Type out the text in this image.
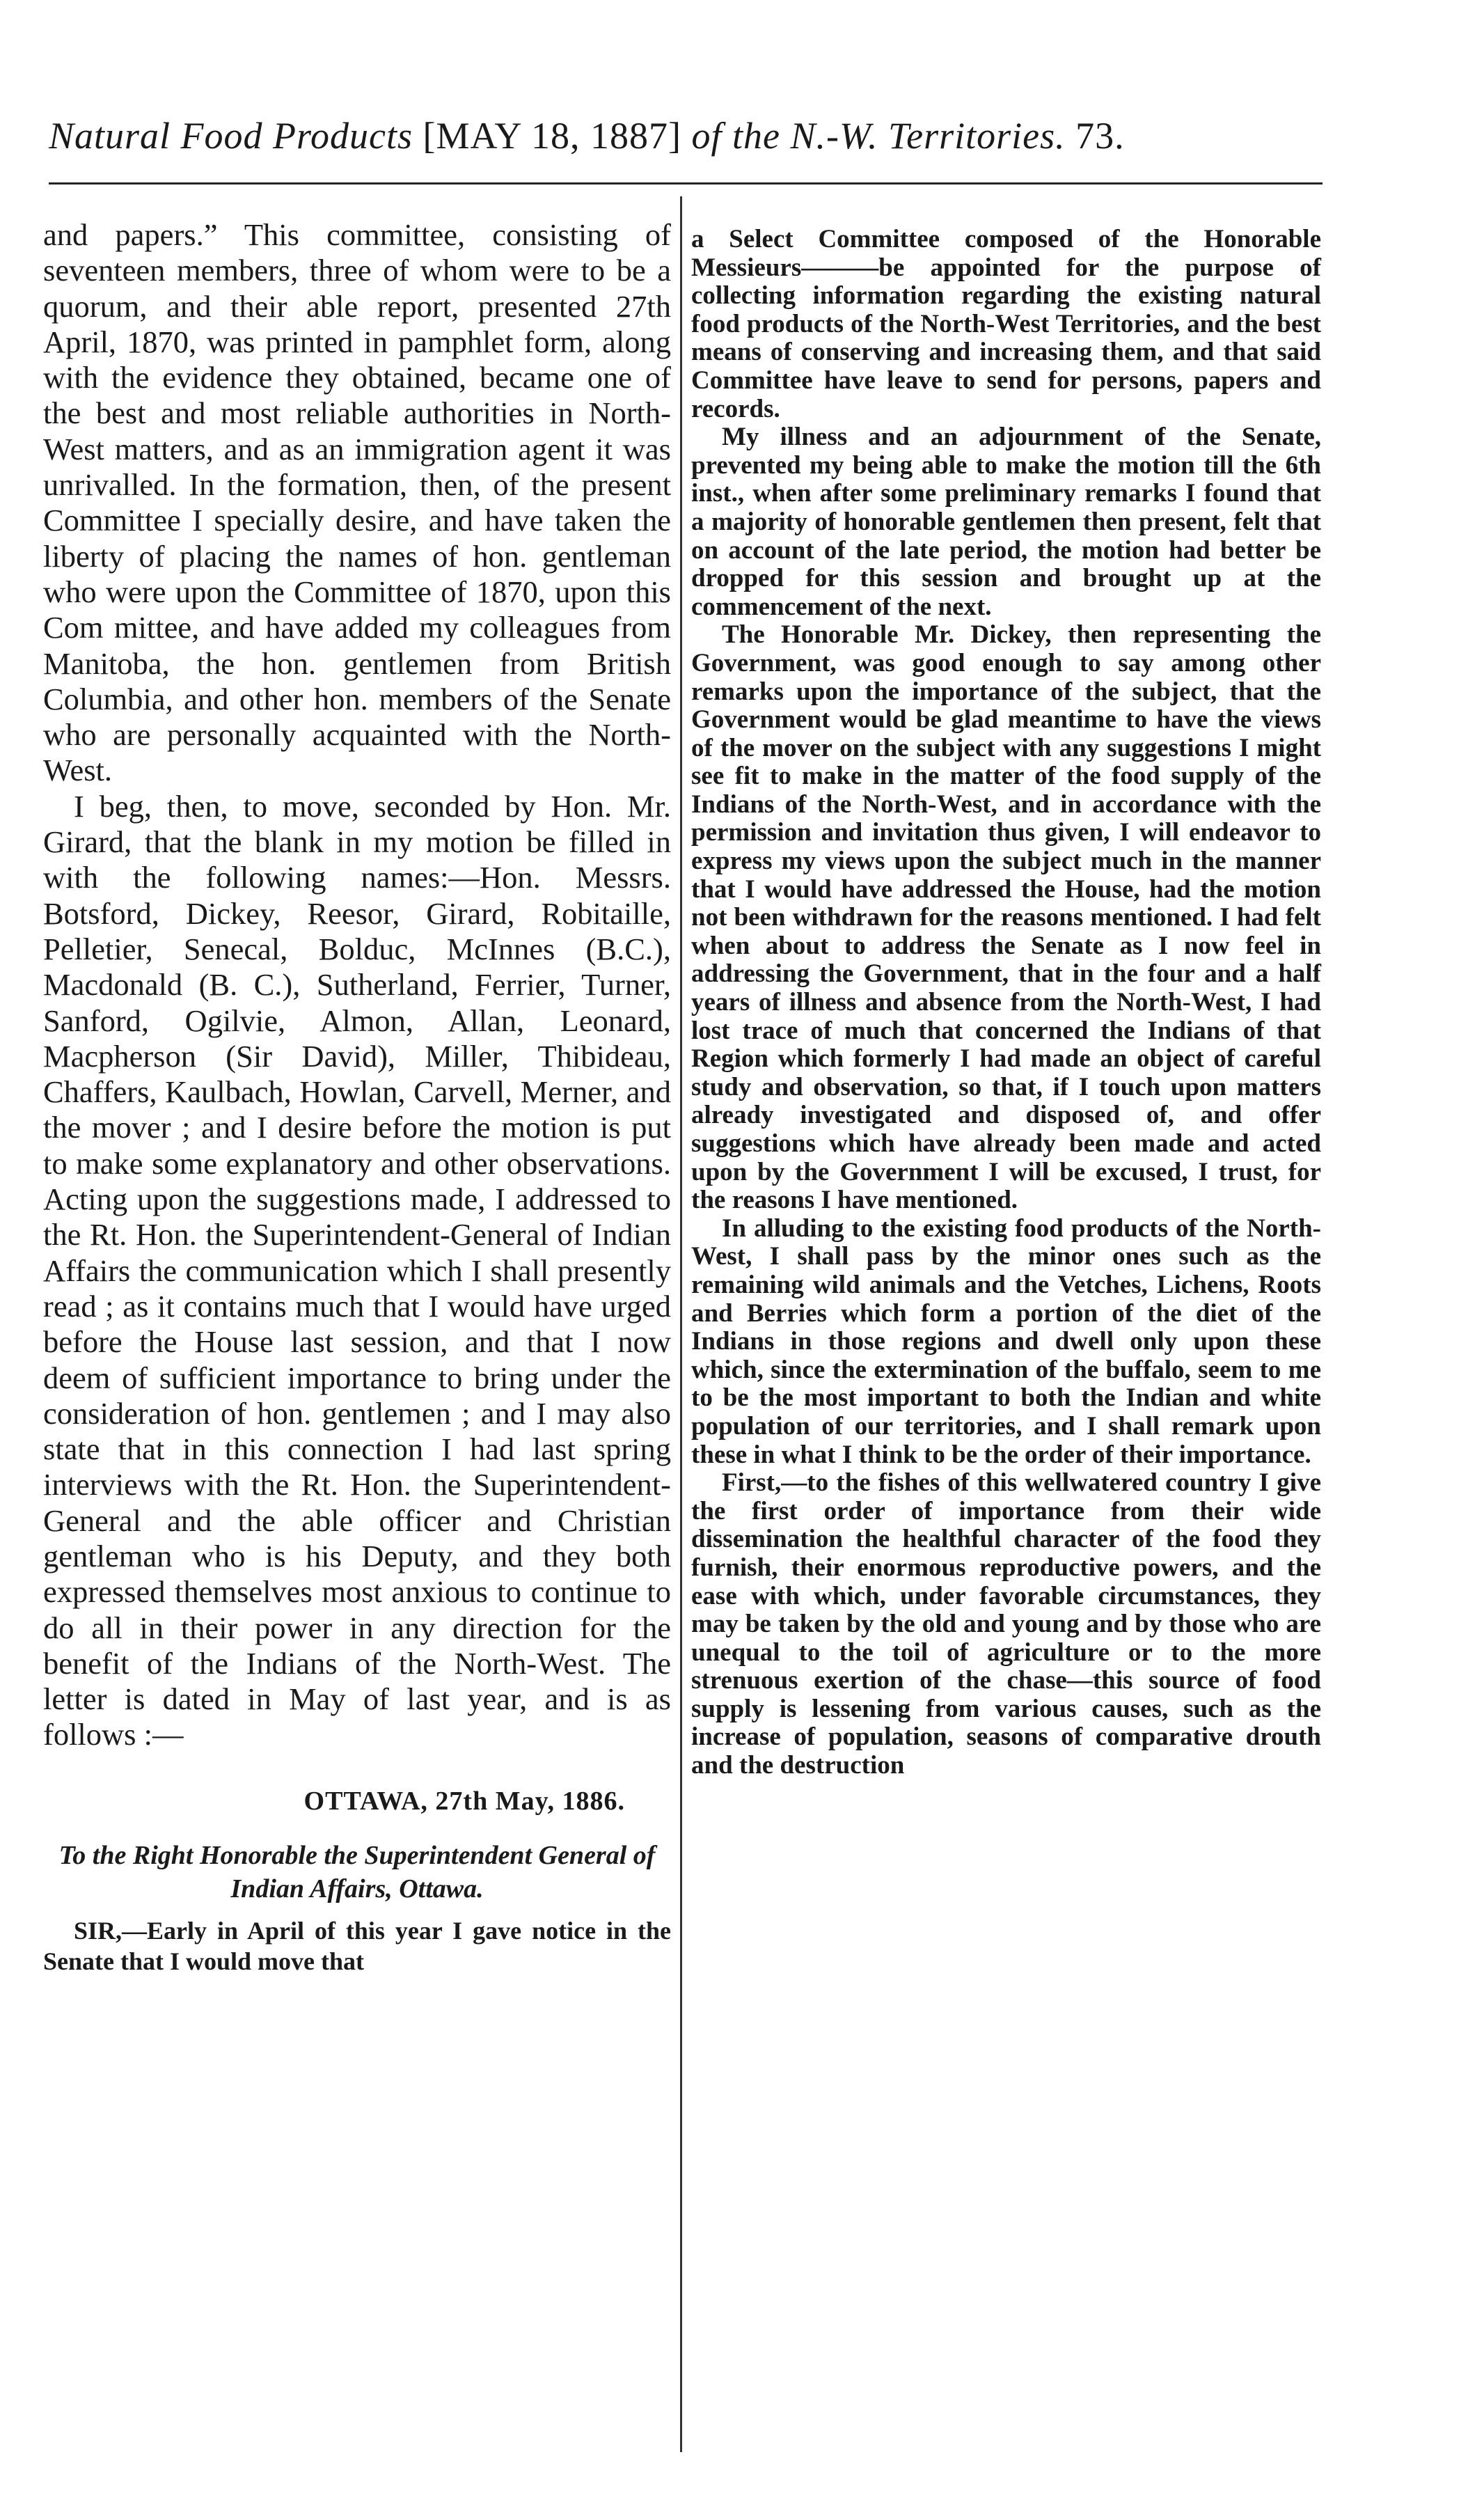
Natural Food Products [MAY 18, 1887] of the N.-W. Territories. 73.

and papers.” This committee, consisting of seventeen members, three of whom were to be a quorum, and their able report, presented 27th April, 1870, was printed in pamphlet form, along with the evidence they obtained, became one of the best and most reliable authorities in North-West matters, and as an immigration agent it was unrivalled. In the formation, then, of the present Committee I specially desire, and have taken the liberty of placing the names of hon. gentleman who were upon the Committee of 1870, upon this Com mittee, and have added my colleagues from Manitoba, the hon. gentlemen from British Columbia, and other hon. members of the Senate who are personally acquainted with the North-West.

I beg, then, to move, seconded by Hon. Mr. Girard, that the blank in my motion be filled in with the following names:—Hon. Messrs. Botsford, Dickey, Reesor, Girard, Robitaille, Pelletier, Senecal, Bolduc, McInnes (B.C.), Macdonald (B. C.), Sutherland, Ferrier, Turner, Sanford, Ogilvie, Almon, Allan, Leonard, Macpherson (Sir David), Miller, Thibideau, Chaffers, Kaulbach, Howlan, Carvell, Merner, and the mover ; and I desire before the motion is put to make some explanatory and other observations. Acting upon the suggestions made, I addressed to the Rt. Hon. the Superintendent-General of Indian Affairs the communication which I shall presently read ; as it contains much that I would have urged before the House last session, and that I now deem of sufficient importance to bring under the consideration of hon. gentlemen ; and I may also state that in this connection I had last spring interviews with the Rt. Hon. the Superintendent-General and the able officer and Christian gentleman who is his Deputy, and they both expressed themselves most anxious to continue to do all in their power in any direction for the benefit of the Indians of the North-West. The letter is dated in May of last year, and is as follows :—

OTTAWA, 27th May, 1886.

To the Right Honorable the Superintendent General of Indian Affairs, Ottawa.

SIR,—Early in April of this year I gave notice in the Senate that I would move that

a Select Committee composed of the Honorable Messieurs———be appointed for the purpose of collecting information regarding the existing natural food products of the North-West Territories, and the best means of conserving and increasing them, and that said Committee have leave to send for persons, papers and records.

My illness and an adjournment of the Senate, prevented my being able to make the motion till the 6th inst., when after some preliminary remarks I found that a majority of honorable gentlemen then present, felt that on account of the late period, the motion had better be dropped for this session and brought up at the commencement of the next.

The Honorable Mr. Dickey, then representing the Government, was good enough to say among other remarks upon the importance of the subject, that the Government would be glad meantime to have the views of the mover on the subject with any suggestions I might see fit to make in the matter of the food supply of the Indians of the North-West, and in accordance with the permission and invitation thus given, I will endeavor to express my views upon the subject much in the manner that I would have addressed the House, had the motion not been withdrawn for the reasons mentioned. I had felt when about to address the Senate as I now feel in addressing the Government, that in the four and a half years of illness and absence from the North-West, I had lost trace of much that concerned the Indians of that Region which formerly I had made an object of careful study and observation, so that, if I touch upon matters already investigated and disposed of, and offer suggestions which have already been made and acted upon by the Government I will be excused, I trust, for the reasons I have mentioned.

In alluding to the existing food products of the North-West, I shall pass by the minor ones such as the remaining wild animals and the Vetches, Lichens, Roots and Berries which form a portion of the diet of the Indians in those regions and dwell only upon these which, since the extermination of the buffalo, seem to me to be the most important to both the Indian and white population of our territories, and I shall remark upon these in what I think to be the order of their importance.

First,—to the fishes of this wellwatered country I give the first order of importance from their wide dissemination the healthful character of the food they furnish, their enormous reproductive powers, and the ease with which, under favorable circumstances, they may be taken by the old and young and by those who are unequal to the toil of agriculture or to the more strenuous exertion of the chase—this source of food supply is lessening from various causes, such as the increase of population, seasons of comparative drouth and the destruction
